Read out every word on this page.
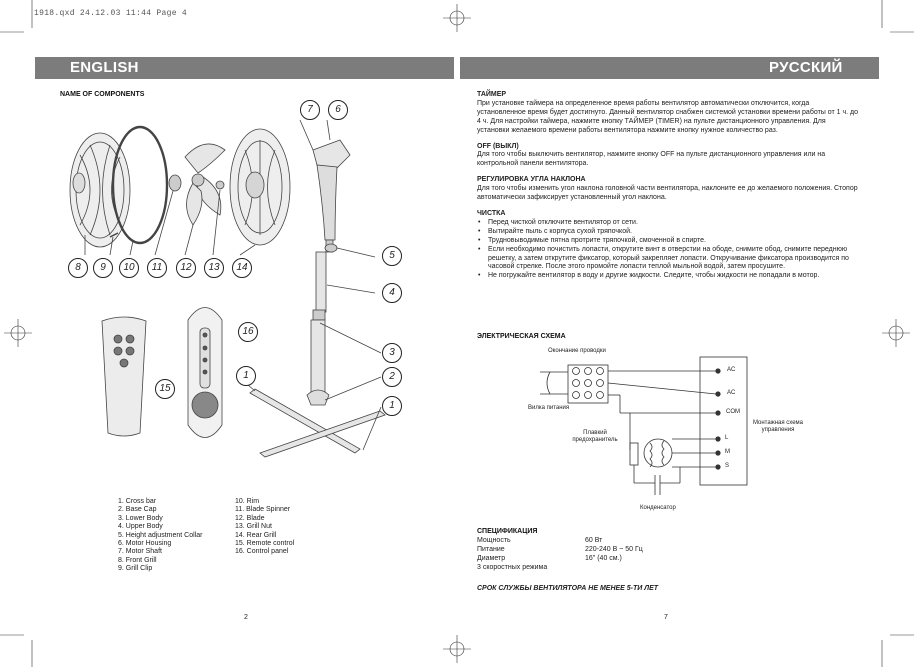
1918.qxd 24.12.03 11:44 Page 4
ENGLISH
NAME OF COMPONENTS
7	6
8	9	10	11	12	13	14
5
4
16
3
15
1	2
1
1. Cross bar
2. Base Cap
3. Lower Body
4. Upper Body
5. Height adjustment Collar
6. Motor Housing
7. Motor Shaft
8. Front Grill
9. Grill Clip
10. Rim
11. Blade Spinner
12. Blade
13. Grill Nut
14. Rear Grill
15. Remote control
16. Control panel
2
РУССКИЙ

ТАЙМЕР

При установке таймера на определенное время работы вентилятор автоматически отключится, когда установленное время будет достигнуто. Данный вентилятор снабжен системой установки времени работы от 1 ч. до 4 ч. Для настройки таймера, нажмите кнопку ТАЙМЕР (TIMER) на пульте дистанционного управления. Для установки желаемого времени работы вентилятора нажмите кнопку нужное количество раз.

OFF (ВЫКЛ)

Для того чтобы выключить вентилятор, нажмите кнопку OFF на пульте дистанционного управления или на контрольной панели вентилятора.

РЕГУЛИРОВКА УГЛА НАКЛОНА

Для того чтобы изменить угол наклона головной части вентилятора, наклоните ее до желаемого положения. Стопор автоматически зафиксирует установленный угол наклона.

ЧИСТКА

• Перед чисткой отключите вентилятор от сети.
• Вытирайте пыль с корпуса сухой тряпочкой.
• Трудновыводимые пятна протрите тряпочкой, смоченной в спирте.
• Если необходимо почистить лопасти, открутите винт в отверстии на ободе, снимите обод, снимите переднюю решетку, а затем открутите фиксатор, который закрепляет лопасти. Откручивание фиксатора производится по часовой стрелке. После этого промойте лопасти теплой мыльной водой, затем просушите.
• Не погружайте вентилятор в воду и другие жидкости. Следите, чтобы жидкости не попадали в мотор.
ЭЛЕКТРИЧЕСКАЯ СХЕМА
Окончание проводки
Вилка питания
Плавкий предохранитель
Конденсатор
Монтажная схема управления
AC
AC
COM
L
M
S
СПЕЦИФИКАЦИЯ
Мощность	60 Вт
Питание	220-240 В ~ 50 Гц
Диаметр	16" (40 см.)
3 скоростных режима	
СРОК СЛУЖБЫ ВЕНТИЛЯТОРА НЕ МЕНЕЕ 5-ТИ ЛЕТ
7
